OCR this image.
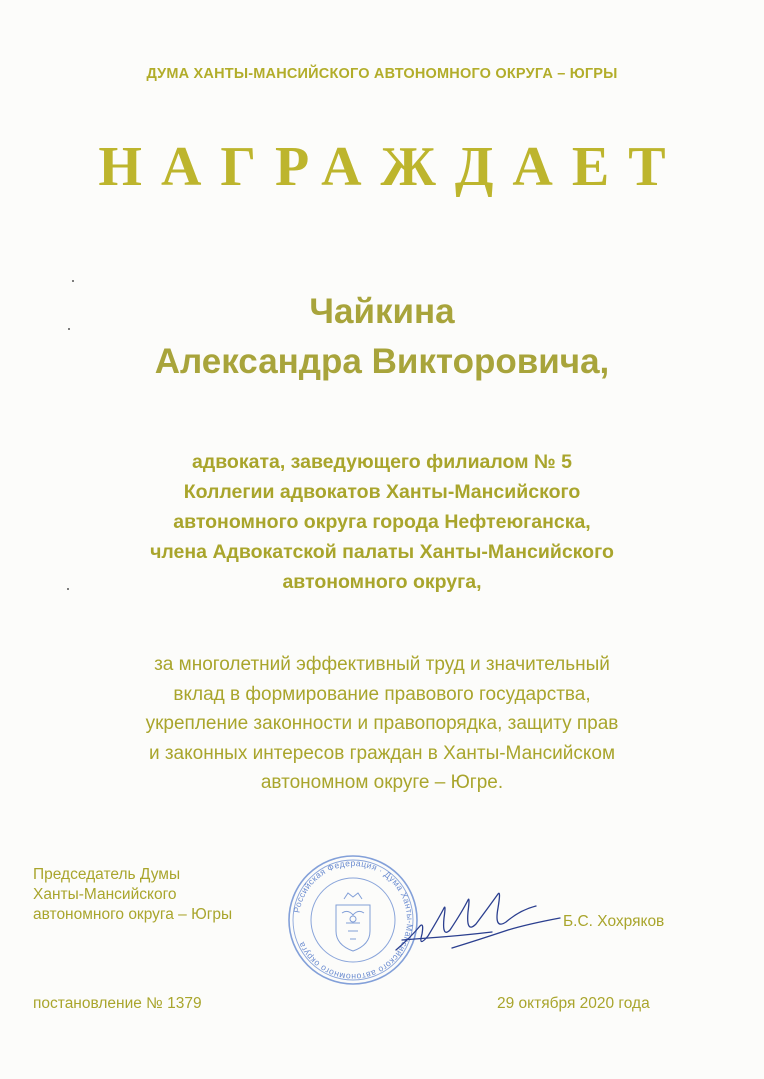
ДУМА ХАНТЫ-МАНСИЙСКОГО АВТОНОМНОГО ОКРУГА – ЮГРЫ
НАГРАЖДАЕТ
Чайкина
Александра Викторовича,
адвоката, заведующего филиалом № 5
Коллегии адвокатов Ханты-Мансийского
автономного округа города Нефтеюганска,
члена Адвокатской палаты Ханты-Мансийского
автономного округа,
за многолетний эффективный труд и значительный
вклад в формирование правового государства,
укрепление законности и правопорядка, защиту прав
и законных интересов граждан в Ханты-Мансийском
автономном округе – Югре.
Председатель Думы
Ханты-Мансийского
автономного округа – Югры	Российская Федерация · Дума Ханты-Мансийского автономного округа
Б.С. Хохряков
постановление № 1379	29 октября 2020 года
